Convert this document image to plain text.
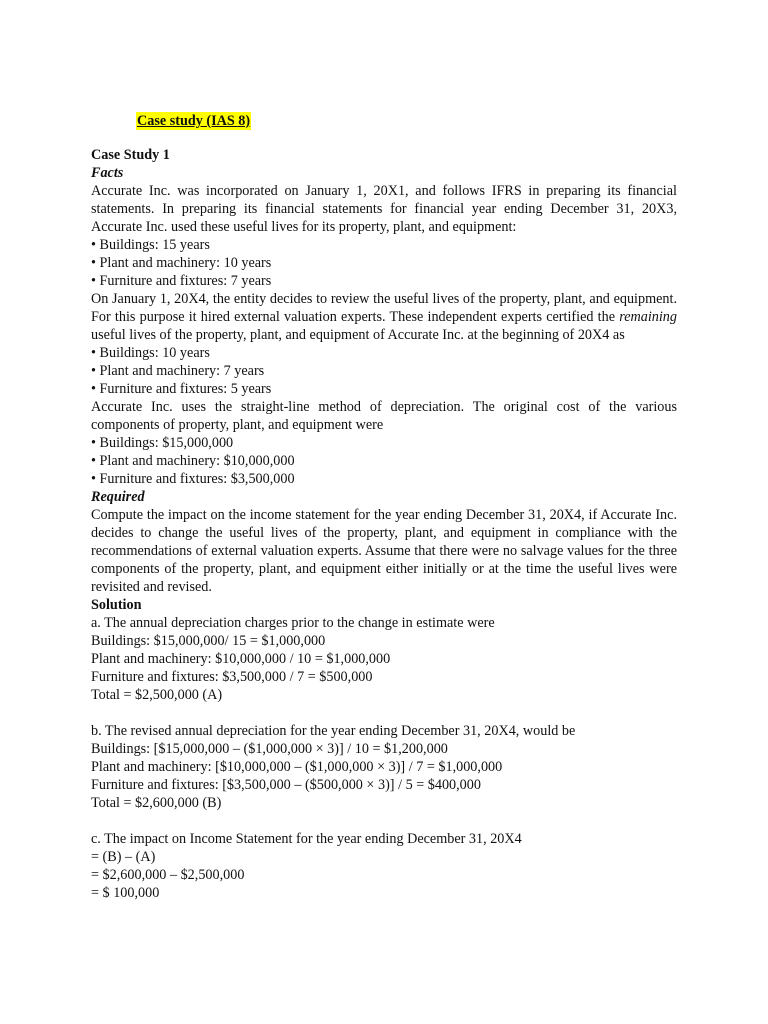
Case study (IAS 8)
Case Study 1
Facts

Accurate Inc. was incorporated on January 1, 20X1, and follows IFRS in preparing its financial statements. In preparing its financial statements for financial year ending December 31, 20X3, Accurate Inc. used these useful lives for its property, plant, and equipment:

• Buildings: 15 years
• Plant and machinery: 10 years
• Furniture and fixtures: 7 years

On January 1, 20X4, the entity decides to review the useful lives of the property, plant, and equipment. For this purpose it hired external valuation experts. These independent experts certified the remaining useful lives of the property, plant, and equipment of Accurate Inc. at the beginning of 20X4 as

• Buildings: 10 years
• Plant and machinery: 7 years
• Furniture and fixtures: 5 years

Accurate Inc. uses the straight-line method of depreciation. The original cost of the various components of property, plant, and equipment were

• Buildings: $15,000,000
• Plant and machinery: $10,000,000
• Furniture and fixtures: $3,500,000
Required

Compute the impact on the income statement for the year ending December 31, 20X4, if Accurate Inc. decides to change the useful lives of the property, plant, and equipment in compliance with the recommendations of external valuation experts. Assume that there were no salvage values for the three components of the property, plant, and equipment either initially or at the time the useful lives were revisited and revised.

Solution
a. The annual depreciation charges prior to the change in estimate were
Buildings: $15,000,000/ 15 = $1,000,000
Plant and machinery: $10,000,000 / 10 = $1,000,000
Furniture and fixtures: $3,500,000 / 7 = $500,000
Total = $2,500,000 (A)
b. The revised annual depreciation for the year ending December 31, 20X4, would be
Buildings: [$15,000,000 – ($1,000,000 × 3)] / 10 = $1,200,000
Plant and machinery: [$10,000,000 – ($1,000,000 × 3)] / 7 = $1,000,000
Furniture and fixtures: [$3,500,000 – ($500,000 × 3)] / 5 = $400,000
Total = $2,600,000 (B)
c. The impact on Income Statement for the year ending December 31, 20X4
= (B) – (A)
= $2,600,000 – $2,500,000
= $ 100,000
